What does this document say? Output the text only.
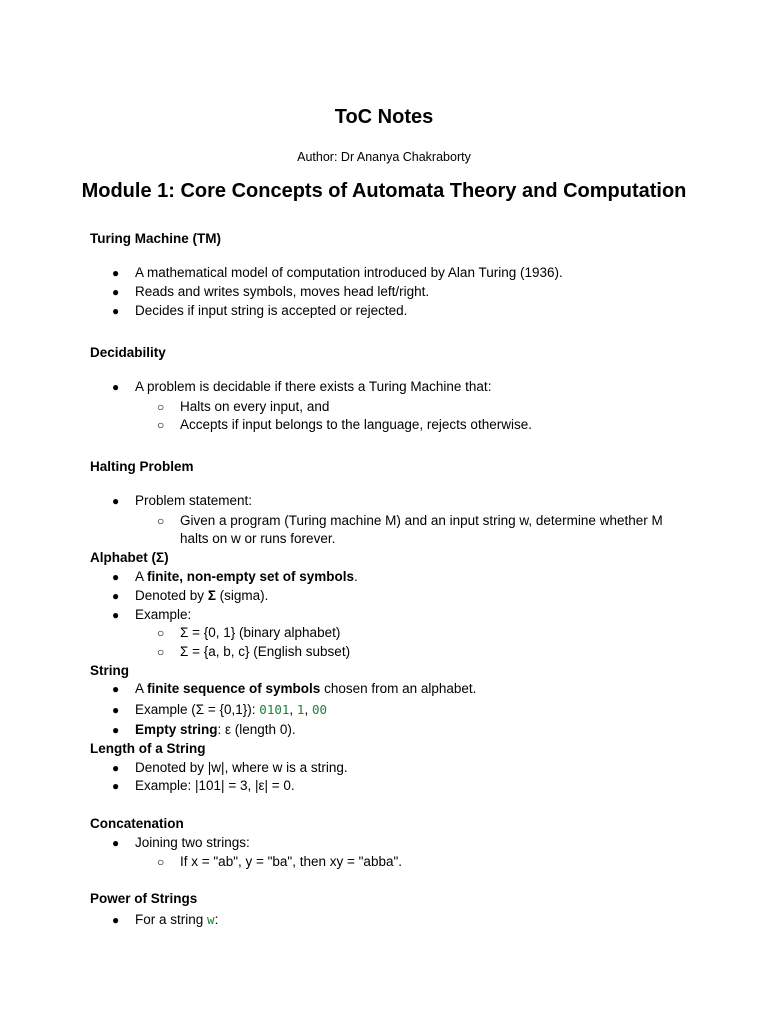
ToC Notes
Author: Dr Ananya Chakraborty
Module 1: Core Concepts of Automata Theory and Computation
Turing Machine (TM)
● A mathematical model of computation introduced by Alan Turing (1936).
● Reads and writes symbols, moves head left/right.
● Decides if input string is accepted or rejected.
Decidability
● A problem is decidable if there exists a Turing Machine that:
○ Halts on every input, and
○ Accepts if input belongs to the language, rejects otherwise.
Halting Problem
● Problem statement:
○ Given a program (Turing machine M) and an input string w, determine whether M
halts on w or runs forever.
Alphabet (Σ)
● A finite, non-empty set of symbols.
● Denoted by Σ (sigma).
● Example:
○ Σ = {0, 1} (binary alphabet)
○ Σ = {a, b, c} (English subset)
String
● A finite sequence of symbols chosen from an alphabet.
● Example (Σ = {0,1}): 0101, 1, 00
● Empty string: ε (length 0).
Length of a String
● Denoted by |w|, where w is a string.
● Example: |101| = 3, |ε| = 0.
Concatenation
● Joining two strings:
○ If x = "ab", y = "ba", then xy = "abba".
Power of Strings
● For a string w:
